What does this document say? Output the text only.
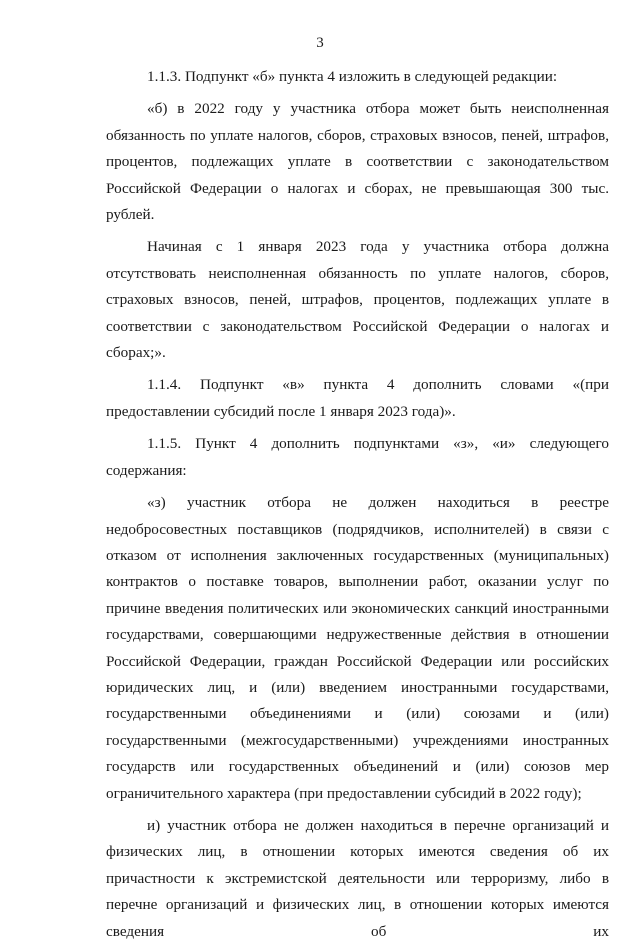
3

1.1.3. Подпункт «б» пункта 4 изложить в следующей редакции:

«б) в 2022 году у участника отбора может быть неисполненная обязанность по уплате налогов, сборов, страховых взносов, пеней, штрафов, процентов, подлежащих уплате в соответствии с законодательством Российской Федерации о налогах и сборах, не превышающая 300 тыс. рублей.

Начиная с 1 января 2023 года у участника отбора должна отсутствовать неисполненная обязанность по уплате налогов, сборов, страховых взносов, пеней, штрафов, процентов, подлежащих уплате в соответствии с законодательством Российской Федерации о налогах и сборах;».

1.1.4. Подпункт «в» пункта 4 дополнить словами «(при предоставлении субсидий после 1 января 2023 года)».

1.1.5. Пункт 4 дополнить подпунктами «з», «и» следующего содержания:

«з) участник отбора не должен находиться в реестре недобросовестных поставщиков (подрядчиков, исполнителей) в связи с отказом от исполнения заключенных государственных (муниципальных) контрактов о поставке товаров, выполнении работ, оказании услуг по причине введения политических или экономических санкций иностранными государствами, совершающими недружественные действия в отношении Российской Федерации, граждан Российской Федерации или российских юридических лиц, и (или) введением иностранными государствами, государственными объединениями и (или) союзами и (или) государственными (межгосударственными) учреждениями иностранных государств или государственных объединений и (или) союзов мер ограничительного характера (при предоставлении субсидий в 2022 году);

и) участник отбора не должен находиться в перечне организаций и физических лиц, в отношении которых имеются сведения об их причастности к экстремистской деятельности или терроризму, либо в перечне организаций и физических лиц, в отношении которых имеются сведения об их
